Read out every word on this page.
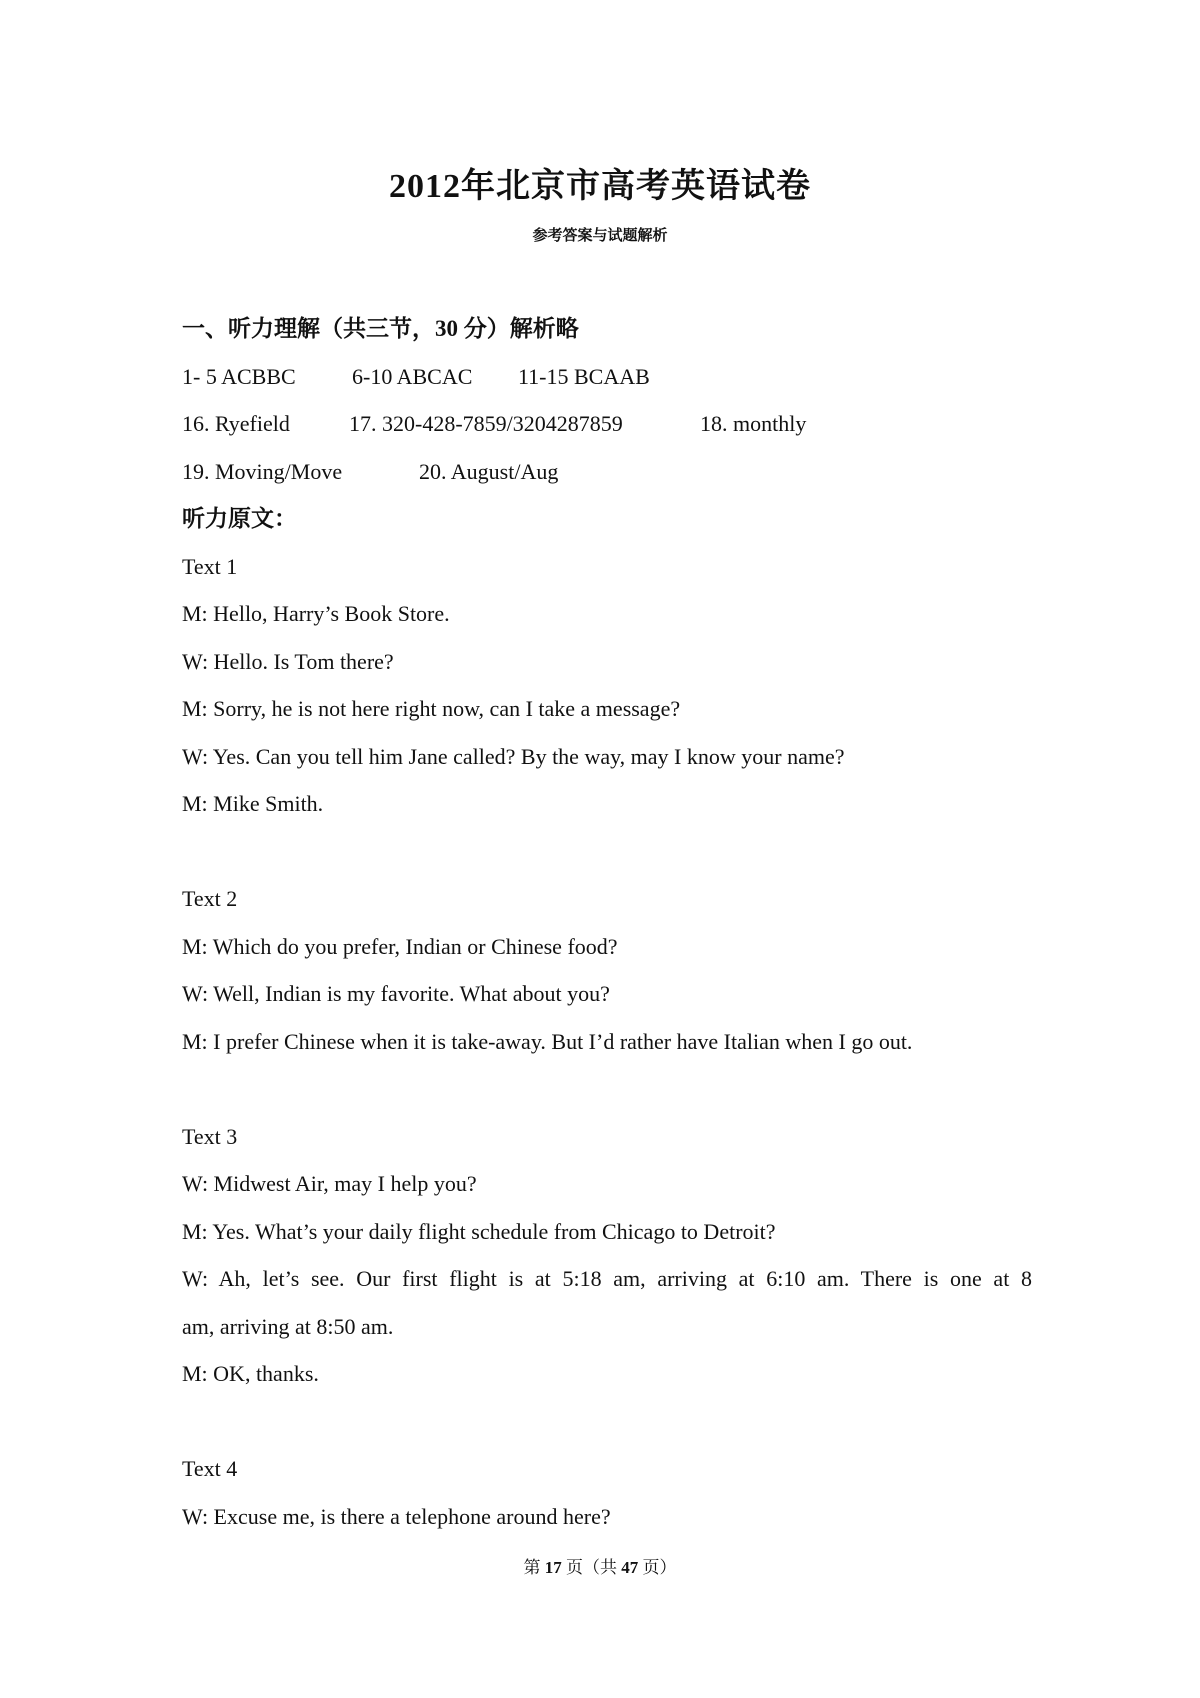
2012年北京市高考英语试卷
参考答案与试题解析
一、听力理解（共三节，30 分）解析略
1- 5 ACBBC	6-10 ABCAC 11-15 BCAAB
16. Ryefield	17. 320-428-7859/3204287859	18. monthly
19. Moving/Move	20. August/Aug
听力原文：
Text 1
M: Hello, Harry’s Book Store.
W: Hello. Is Tom there?
M: Sorry, he is not here right now, can I take a message?
W: Yes. Can you tell him Jane called? By the way, may I know your name?
M: Mike Smith.
Text 2
M: Which do you prefer, Indian or Chinese food?
W: Well, Indian is my favorite. What about you?
M: I prefer Chinese when it is take-away. But I’d rather have Italian when I go out.
Text 3
W: Midwest Air, may I help you?
M: Yes. What’s your daily flight schedule from Chicago to Detroit?
W: Ah, let’s see. Our first flight is at 5:18 am, arriving at 6:10 am. There is one at 8
am, arriving at 8:50 am.
M: OK, thanks.
Text 4
W: Excuse me, is there a telephone around here?
第 17 页（共 47 页）
